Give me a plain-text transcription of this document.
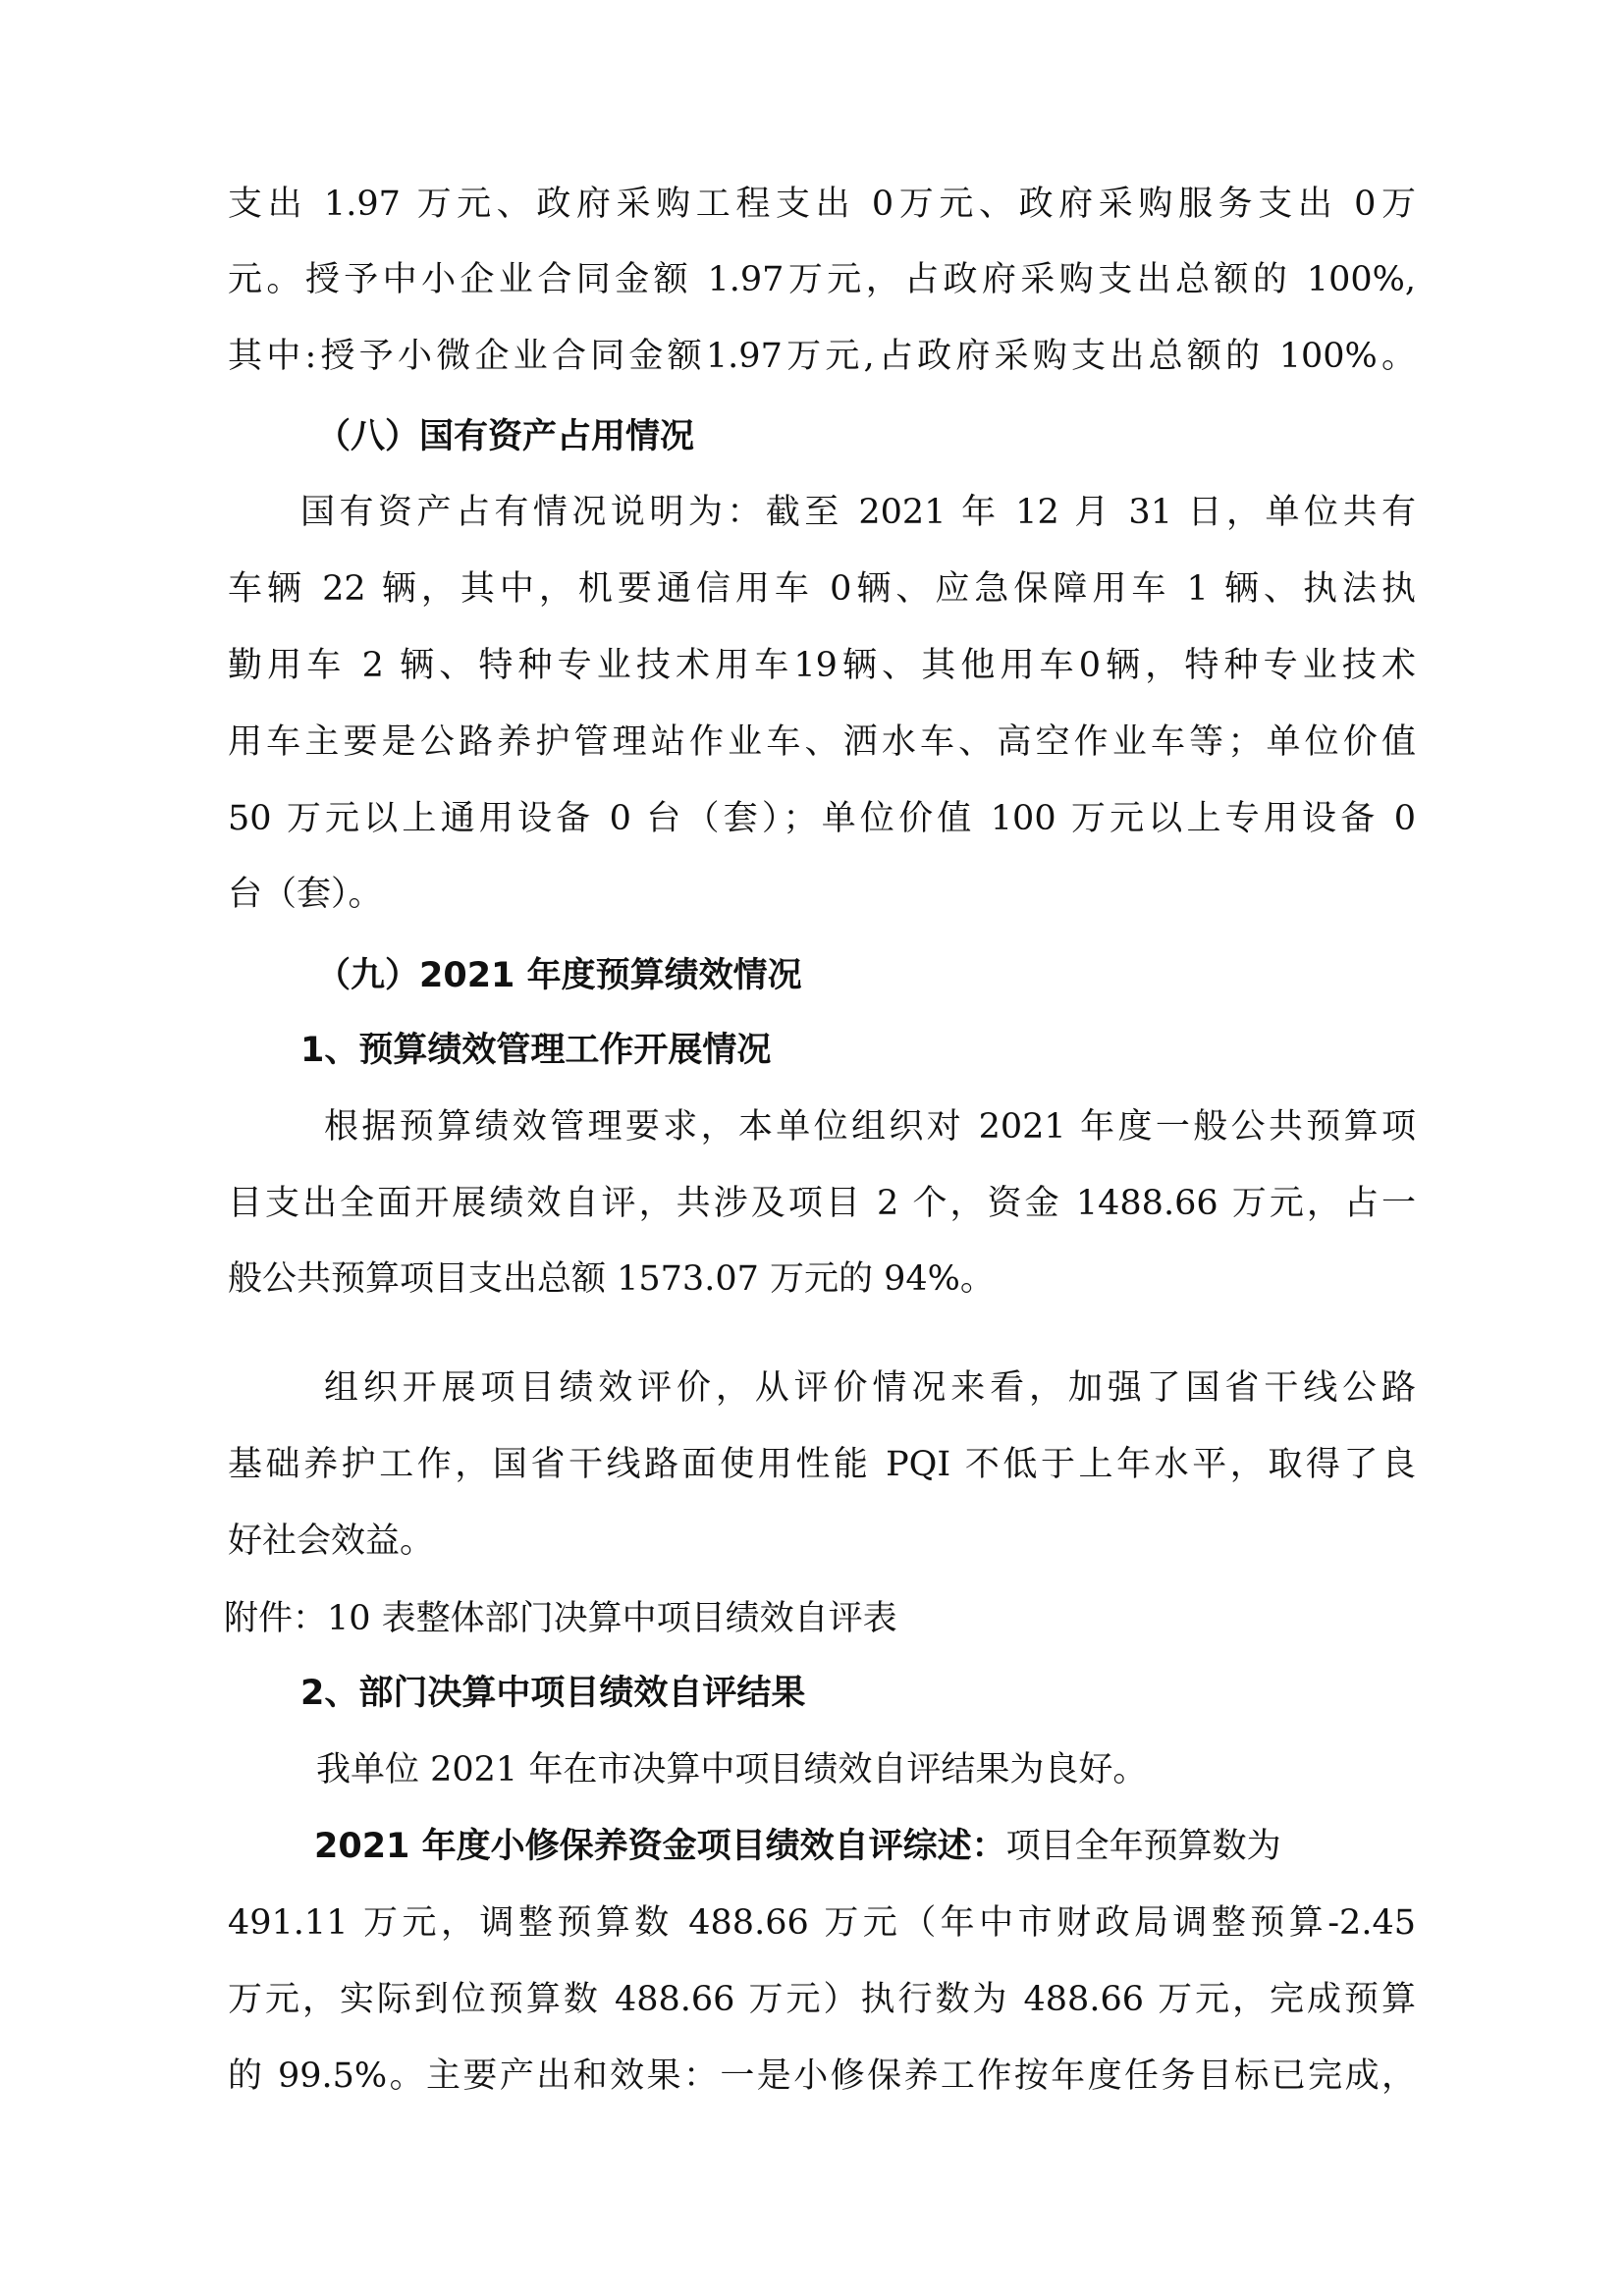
支出 1.97 万元、政府采购工程支出 0万元、政府采购服务支出 0万
元。授予中小企业合同金额 1.97万元，占政府采购支出总额的 100%,
其中:授予小微企业合同金额1.97万元,占政府采购支出总额的 100%。
（八）国有资产占用情况
国有资产占有情况说明为：截至 2021 年 12 月 31 日，单位共有
车辆 22 辆，其中，机要通信用车 0辆、应急保障用车 1 辆、执法执
勤用车 2 辆、特种专业技术用车19辆、其他用车0辆，特种专业技术
用车主要是公路养护管理站作业车、洒水车、高空作业车等；单位价值
50 万元以上通用设备 0 台（套）；单位价值 100 万元以上专用设备 0
台（套）。
（九）2021 年度预算绩效情况
1、预算绩效管理工作开展情况
根据预算绩效管理要求，本单位组织对 2021 年度一般公共预算项
目支出全面开展绩效自评，共涉及项目 2 个，资金 1488.66 万元，占一
般公共预算项目支出总额 1573.07 万元的 94%。
组织开展项目绩效评价，从评价情况来看，加强了国省干线公路
基础养护工作，国省干线路面使用性能 PQI 不低于上年水平，取得了良
好社会效益。
附件：10 表整体部门决算中项目绩效自评表
2、部门决算中项目绩效自评结果
我单位 2021 年在市决算中项目绩效自评结果为良好。
2021 年度小修保养资金项目绩效自评综述：项目全年预算数为
491.11 万元，调整预算数 488.66 万元（年中市财政局调整预算-2.45
万元，实际到位预算数 488.66 万元）执行数为 488.66 万元，完成预算
的 99.5%。主要产出和效果：一是小修保养工作按年度任务目标已完成，
